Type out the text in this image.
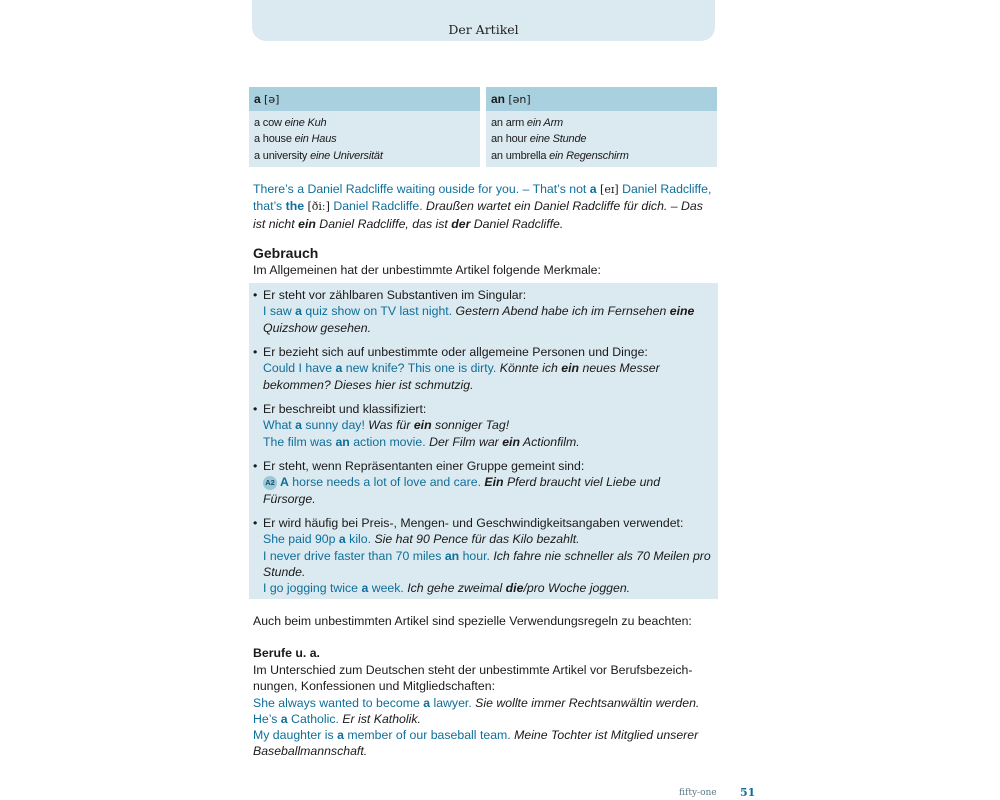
Der Artikel
a [ə]
a cow eine Kuh
a house ein Haus
a university eine Universität
an [ən]
an arm ein Arm
an hour eine Stunde
an umbrella ein Regenschirm
There’s a Daniel Radcliffe waiting ouside for you. – That’s not a [eɪ] Daniel Radcliffe, that’s the [ðiː] Daniel Radcliffe. Draußen wartet ein Daniel Radcliffe für dich. – Das ist nicht ein Daniel Radcliffe, das ist der Daniel Radcliffe.
Gebrauch
Im Allgemeinen hat der unbestimmte Artikel folgende Merkmale:
• Er steht vor zählbaren Substantiven im Singular:
I saw a quiz show on TV last night. Gestern Abend habe ich im Fernsehen eine Quizshow gesehen.
• Er bezieht sich auf unbestimmte oder allgemeine Personen und Dinge:
Could I have a new knife? This one is dirty. Könnte ich ein neues Messer bekommen? Dieses hier ist schmutzig.
• Er beschreibt und klassifiziert:
What a sunny day! Was für ein sonniger Tag!
The film was an action movie. Der Film war ein Actionfilm.
• Er steht, wenn Repräsentanten einer Gruppe gemeint sind:
A2 A horse needs a lot of love and care. Ein Pferd braucht viel Liebe und Fürsorge.
• Er wird häufig bei Preis-, Mengen- und Geschwindigkeitsangaben verwendet:
She paid 90p a kilo. Sie hat 90 Pence für das Kilo bezahlt.
I never drive faster than 70 miles an hour. Ich fahre nie schneller als 70 Meilen pro Stunde.
I go jogging twice a week. Ich gehe zweimal die/pro Woche joggen.
Auch beim unbestimmten Artikel sind spezielle Verwendungsregeln zu beachten:
Berufe u. a.
Im Unterschied zum Deutschen steht der unbestimmte Artikel vor Berufsbezeichnungen, Konfessionen und Mitgliedschaften:
She always wanted to become a lawyer. Sie wollte immer Rechtsanwältin werden.
He’s a Catholic. Er ist Katholik.
My daughter is a member of our baseball team. Meine Tochter ist Mitglied unserer Baseballmannschaft.
fifty-one 51
